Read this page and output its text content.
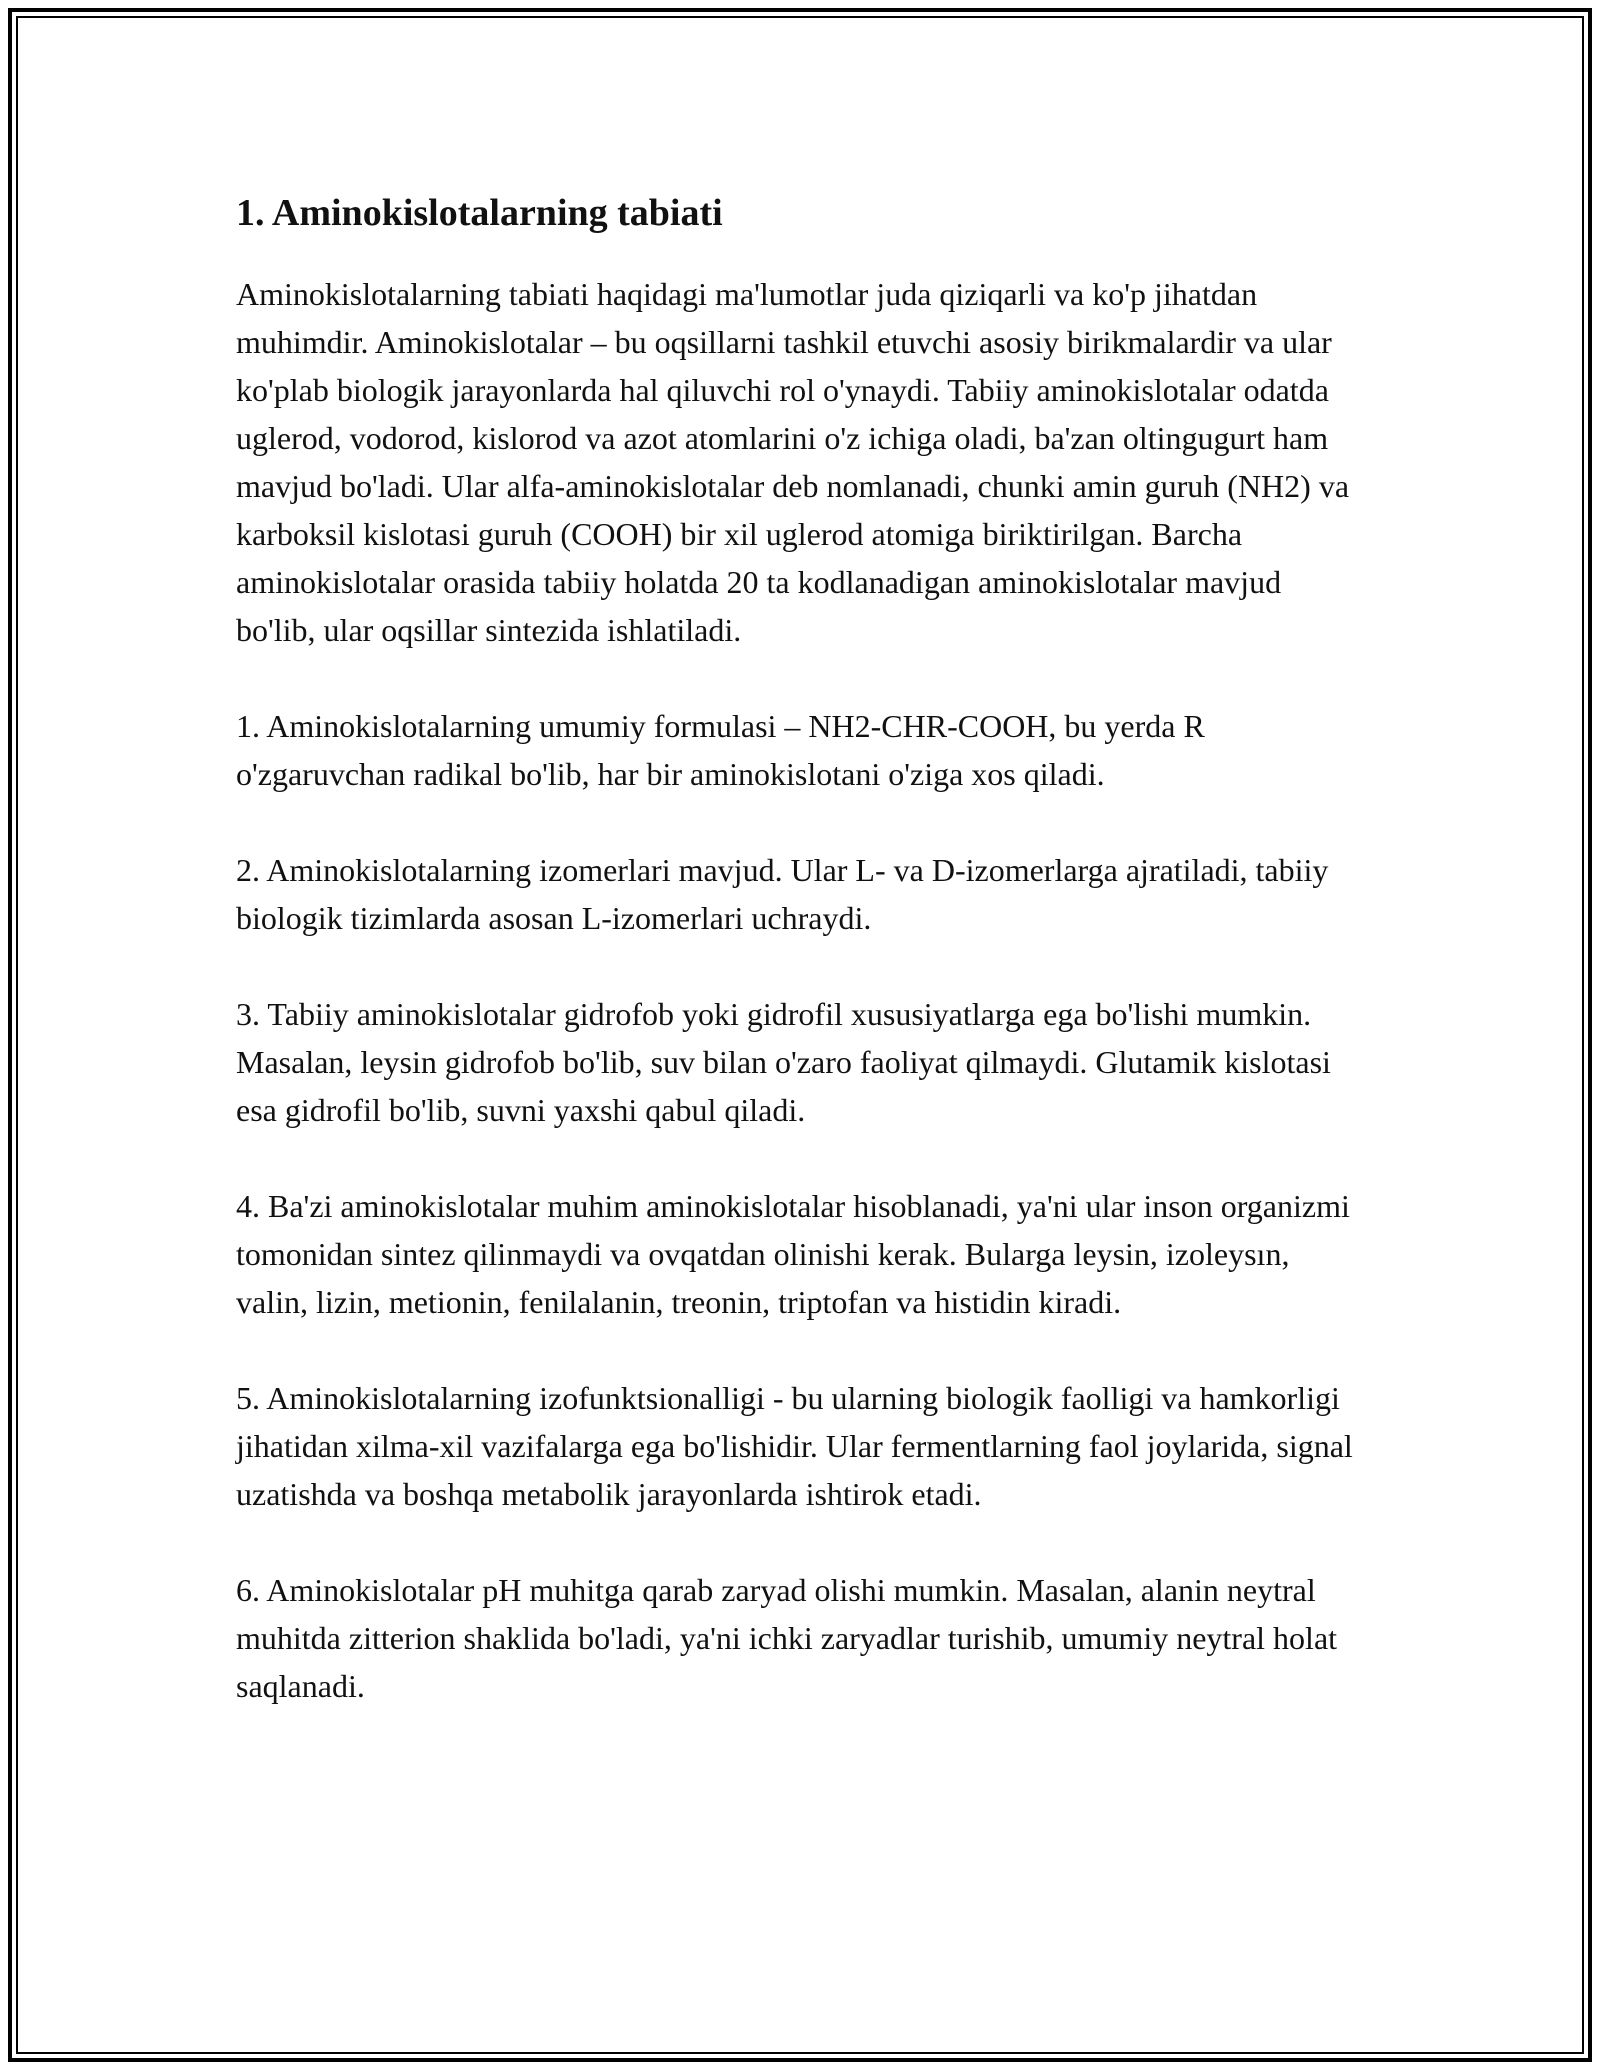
1. Aminokislotalarning tabiati

Aminokislotalarning tabiati haqidagi ma'lumotlar juda qiziqarli va ko'p jihatdan muhimdir. Aminokislotalar – bu oqsillarni tashkil etuvchi asosiy birikmalardir va ular ko'plab biologik jarayonlarda hal qiluvchi rol o'ynaydi. Tabiiy aminokislotalar odatda uglerod, vodorod, kislorod va azot atomlarini o'z ichiga oladi, ba'zan oltingugurt ham mavjud bo'ladi. Ular alfa-aminokislotalar deb nomlanadi, chunki amin guruh (NH2) va karboksil kislotasi guruh (COOH) bir xil uglerod atomiga biriktirilgan. Barcha aminokislotalar orasida tabiiy holatda 20 ta kodlanadigan aminokislotalar mavjud bo'lib, ular oqsillar sintezida ishlatiladi.

1. Aminokislotalarning umumiy formulasi – NH2-CHR-COOH, bu yerda R o'zgaruvchan radikal bo'lib, har bir aminokislotani o'ziga xos qiladi.

2. Aminokislotalarning izomerlari mavjud. Ular L- va D-izomerlarga ajratiladi, tabiiy biologik tizimlarda asosan L-izomerlari uchraydi.

3. Tabiiy aminokislotalar gidrofob yoki gidrofil xususiyatlarga ega bo'lishi mumkin. Masalan, leysin gidrofob bo'lib, suv bilan o'zaro faoliyat qilmaydi. Glutamik kislotasi esa gidrofil bo'lib, suvni yaxshi qabul qiladi.

4. Ba'zi aminokislotalar muhim aminokislotalar hisoblanadi, ya'ni ular inson organizmi tomonidan sintez qilinmaydi va ovqatdan olinishi kerak. Bularga leysin, izoleysın, valin, lizin, metionin, fenilalanin, treonin, triptofan va histidin kiradi.

5. Aminokislotalarning izofunktsionalligi - bu ularning biologik faolligi va hamkorligi jihatidan xilma-xil vazifalarga ega bo'lishidir. Ular fermentlarning faol joylarida, signal uzatishda va boshqa metabolik jarayonlarda ishtirok etadi.

6. Aminokislotalar pH muhitga qarab zaryad olishi mumkin. Masalan, alanin neytral muhitda zitterion shaklida bo'ladi, ya'ni ichki zaryadlar turishib, umumiy neytral holat saqlanadi.
